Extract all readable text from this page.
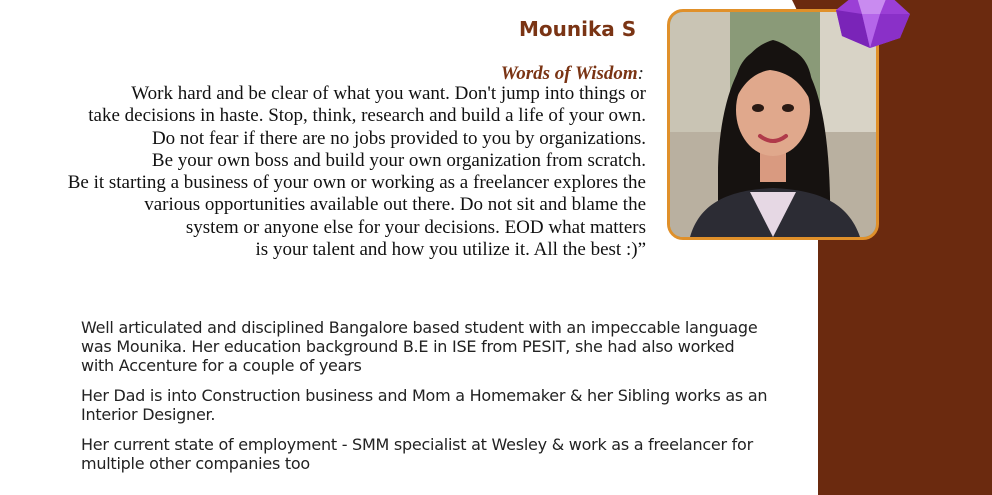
Mounika S
Words of Wisdom:
Work hard and be clear of what you want. Don't jump into things or
take decisions in haste. Stop, think, research and build a life of your own.
Do not fear if there are no jobs provided to you by organizations.
Be your own boss and build your own organization from scratch.
Be it starting a business of your own or working as a freelancer explores the
various opportunities available out there. Do not sit and blame the
system or anyone else for your decisions. EOD what matters
is your talent and how you utilize it. All the best :)”

Well articulated and disciplined Bangalore based student with an impeccable language
was Mounika. Her education background B.E in ISE from PESIT, she had also worked
with Accenture for a couple of years

Her Dad is into Construction business and Mom a Homemaker & her Sibling works as an
Interior Designer.

Her current state of employment - SMM specialist at Wesley & work as a freelancer for
multiple other companies too
